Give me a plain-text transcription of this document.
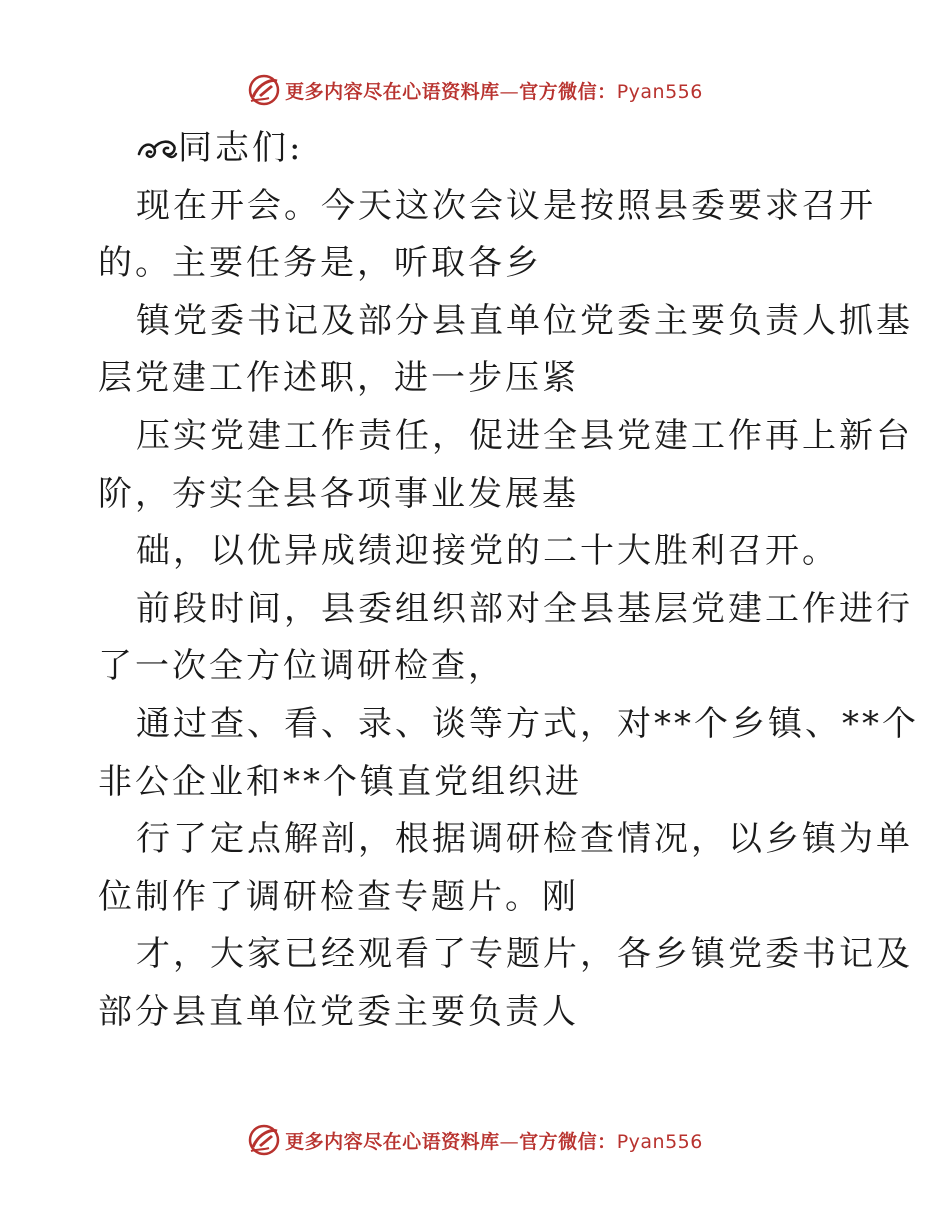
更多内容尽在心语资料库—官方微信：Pyan556
同志们:
现在开会。今天这次会议是按照县委要求召开
的。主要任务是，听取各乡
镇党委书记及部分县直单位党委主要负责人抓基
层党建工作述职，进一步压紧
压实党建工作责任，促进全县党建工作再上新台
阶，夯实全县各项事业发展基
础，以优异成绩迎接党的二十大胜利召开。
前段时间，县委组织部对全县基层党建工作进行
了一次全方位调研检查，
通过查、看、录、谈等方式，对**个乡镇、**个
非公企业和**个镇直党组织进
行了定点解剖，根据调研检查情况，以乡镇为单
位制作了调研检查专题片。刚
才，大家已经观看了专题片，各乡镇党委书记及
部分县直单位党委主要负责人
更多内容尽在心语资料库—官方微信：Pyan556
